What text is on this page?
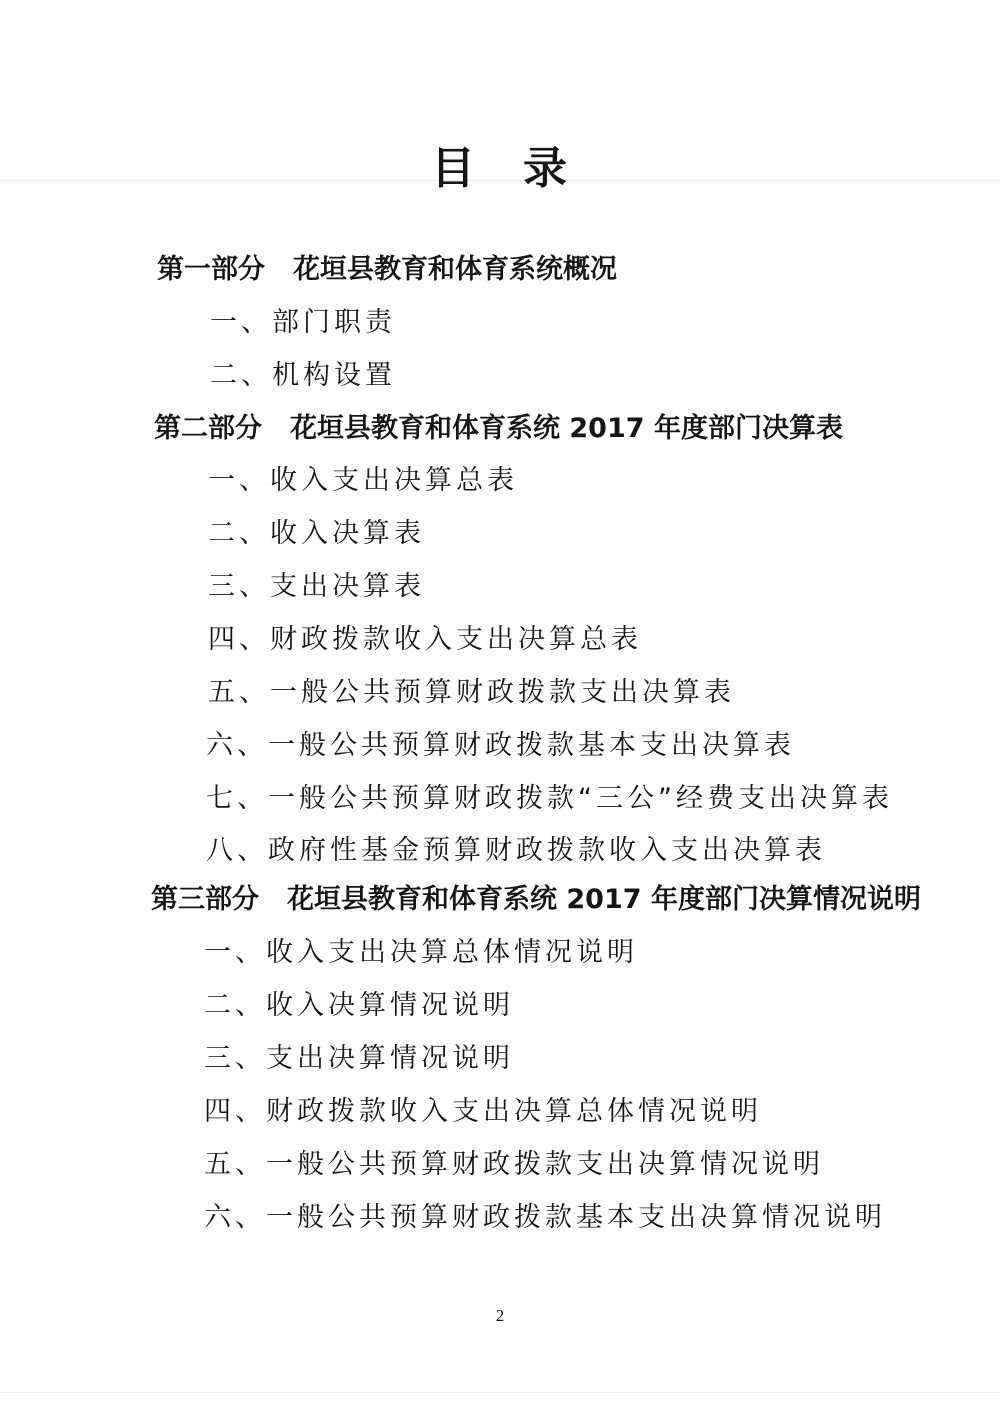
目　录
第一部分 花垣县教育和体育系统概况
一、部门职责
二、机构设置
第二部分 花垣县教育和体育系统 2017 年度部门决算表
一、收入支出决算总表
二、收入决算表
三、支出决算表
四、财政拨款收入支出决算总表
五、一般公共预算财政拨款支出决算表
六、一般公共预算财政拨款基本支出决算表
七、一般公共预算财政拨款“三公”经费支出决算表
八、政府性基金预算财政拨款收入支出决算表
第三部分 花垣县教育和体育系统 2017 年度部门决算情况说明
一、收入支出决算总体情况说明
二、收入决算情况说明
三、支出决算情况说明
四、财政拨款收入支出决算总体情况说明
五、一般公共预算财政拨款支出决算情况说明
六、一般公共预算财政拨款基本支出决算情况说明
2
